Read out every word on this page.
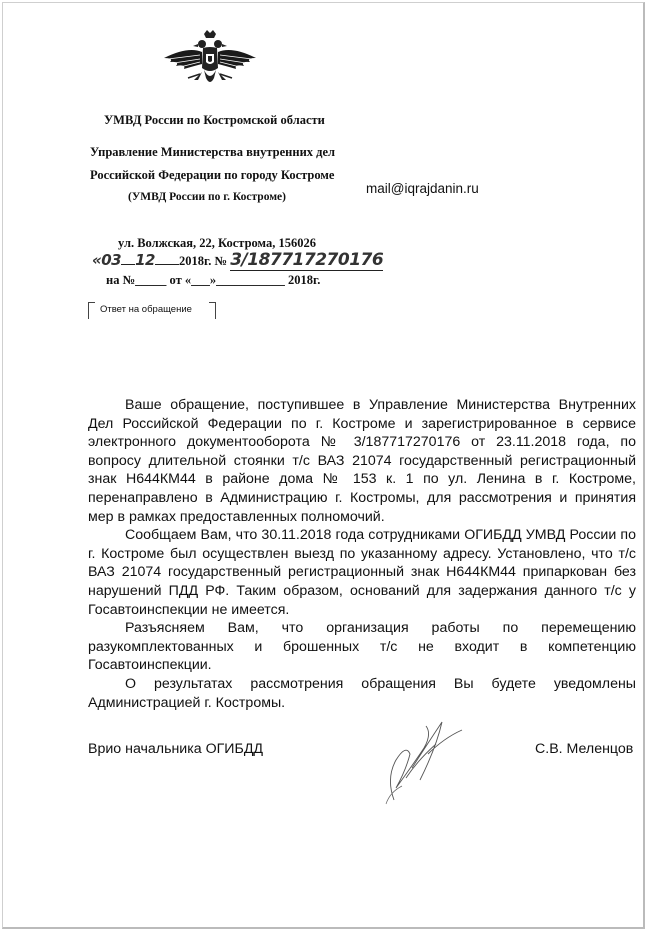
УМВД России по Костромской области
Управление Министерства внутренних дел
Российской Федерации по городу Костроме
(УМВД России по г. Костроме)
mail@iqrajdanin.ru
ул. Волжская, 22, Кострома, 156026
«03 12 2018г. № 3/187717270176
на №_____ от «___»___________ 2018г.
Ответ на обращение

Ваше обращение, поступившее в Управление Министерства Внутренних Дел Российской Федерации по г. Костроме и зарегистрированное в сервисе электронного документооборота № 3/187717270176 от 23.11.2018 года, по вопросу длительной стоянки т/с ВАЗ 21074 государственный регистрационный знак Н644КМ44 в районе дома № 153 к. 1 по ул. Ленина в г. Костроме, перенаправлено в Администрацию г. Костромы, для рассмотрения и принятия мер в рамках предоставленных полномочий.

Сообщаем Вам, что 30.11.2018 года сотрудниками ОГИБДД УМВД России по г. Костроме был осуществлен выезд по указанному адресу. Установлено, что т/с ВАЗ 21074 государственный регистрационный знак Н644КМ44 припаркован без нарушений ПДД РФ. Таким образом, оснований для задержания данного т/с у Госавтоинспекции не имеется.

Разъясняем Вам, что организация работы по перемещению разукомплектованных и брошенных т/с не входит в компетенцию Госавтоинспекции.

О результатах рассмотрения обращения Вы будете уведомлены Администрацией г. Костромы.

Врио начальника ОГИБДД	С.В. Меленцов
